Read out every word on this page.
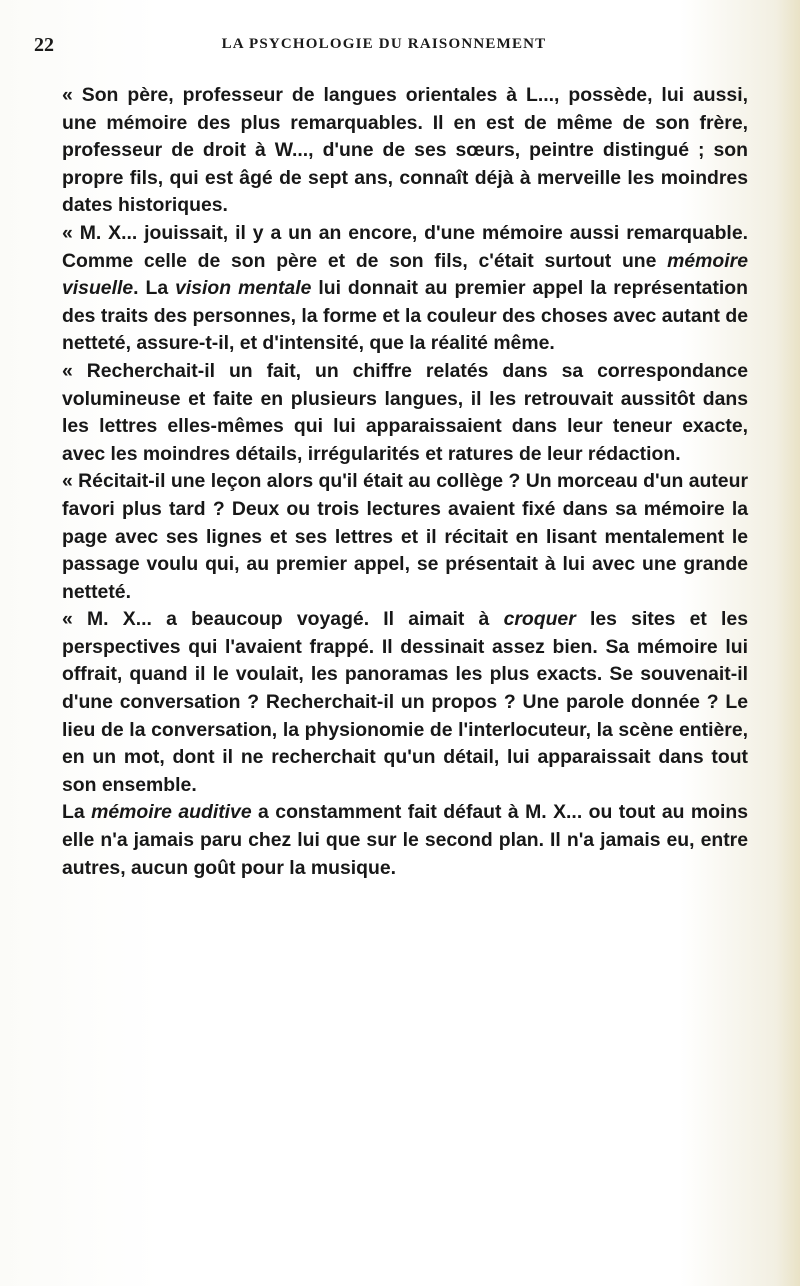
22	LA PSYCHOLOGIE DU RAISONNEMENT

« Son père, professeur de langues orientales à L..., possède, lui aussi, une mémoire des plus remarquables. Il en est de même de son frère, professeur de droit à W..., d'une de ses sœurs, peintre distingué ; son propre fils, qui est âgé de sept ans, connaît déjà à merveille les moindres dates historiques.

« M. X... jouissait, il y a un an encore, d'une mémoire aussi remarquable. Comme celle de son père et de son fils, c'était surtout une mémoire visuelle. La vision mentale lui donnait au premier appel la représentation des traits des personnes, la forme et la couleur des choses avec autant de netteté, assure-t-il, et d'intensité, que la réalité même.

« Recherchait-il un fait, un chiffre relatés dans sa correspondance volumineuse et faite en plusieurs langues, il les retrouvait aussitôt dans les lettres elles-mêmes qui lui apparaissaient dans leur teneur exacte, avec les moindres détails, irrégularités et ratures de leur rédaction.

« Récitait-il une leçon alors qu'il était au collège ? Un morceau d'un auteur favori plus tard ? Deux ou trois lectures avaient fixé dans sa mémoire la page avec ses lignes et ses lettres et il récitait en lisant mentalement le passage voulu qui, au premier appel, se présentait à lui avec une grande netteté.

« M. X... a beaucoup voyagé. Il aimait à croquer les sites et les perspectives qui l'avaient frappé. Il dessinait assez bien. Sa mémoire lui offrait, quand il le voulait, les panoramas les plus exacts. Se souvenait-il d'une conversation ? Recherchait-il un propos ? Une parole donnée ? Le lieu de la conversation, la physionomie de l'interlocuteur, la scène entière, en un mot, dont il ne recherchait qu'un détail, lui apparaissait dans tout son ensemble.

La mémoire auditive a constamment fait défaut à M. X... ou tout au moins elle n'a jamais paru chez lui que sur le second plan. Il n'a jamais eu, entre autres, aucun goût pour la musique.
